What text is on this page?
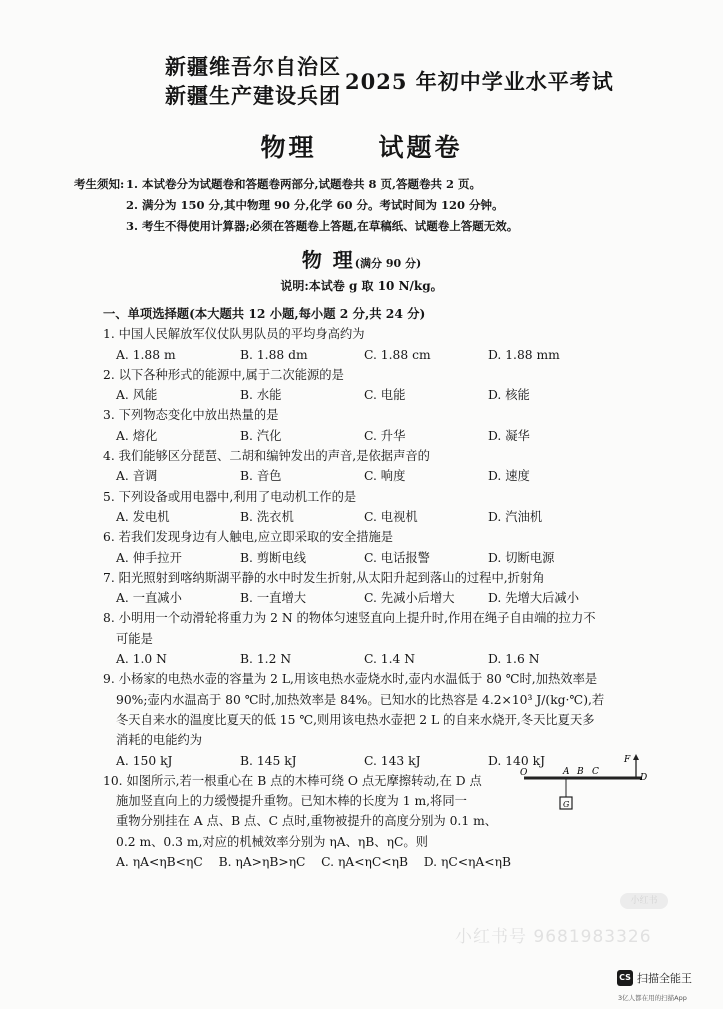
新疆维吾尔自治区
新疆生产建设兵团
2025 年初中学业水平考试
物理 试题卷
考生须知: 1. 本试卷分为试题卷和答题卷两部分,试题卷共 8 页,答题卷共 2 页。
2. 满分为 150 分,其中物理 90 分,化学 60 分。考试时间为 120 分钟。
3. 考生不得使用计算器;必须在答题卷上答题,在草稿纸、试题卷上答题无效。
物 理(满分 90 分)
说明:本试卷 g 取 10 N/kg。
一、单项选择题(本大题共 12 小题,每小题 2 分,共 24 分)
1. 中国人民解放军仪仗队男队员的平均身高约为
A. 1.88 m	B. 1.88 dm	C. 1.88 cm	D. 1.88 mm
2. 以下各种形式的能源中,属于二次能源的是
A. 风能	B. 水能	C. 电能	D. 核能
3. 下列物态变化中放出热量的是
A. 熔化	B. 汽化	C. 升华	D. 凝华
4. 我们能够区分琵琶、二胡和编钟发出的声音,是依据声音的
A. 音调	B. 音色	C. 响度	D. 速度
5. 下列设备或用电器中,利用了电动机工作的是
A. 发电机	B. 洗衣机	C. 电视机	D. 汽油机
6. 若我们发现身边有人触电,应立即采取的安全措施是
A. 伸手拉开	B. 剪断电线	C. 电话报警	D. 切断电源
7. 阳光照射到喀纳斯湖平静的水中时发生折射,从太阳升起到落山的过程中,折射角
A. 一直减小	B. 一直增大	C. 先减小后增大	D. 先增大后减小
8. 小明用一个动滑轮将重力为 2 N 的物体匀速竖直向上提升时,作用在绳子自由端的拉力不
可能是
A. 1.0 N	B. 1.2 N	C. 1.4 N	D. 1.6 N
9. 小杨家的电热水壶的容量为 2 L,用该电热水壶烧水时,壶内水温低于 80 ℃时,加热效率是
90%;壶内水温高于 80 ℃时,加热效率是 84%。已知水的比热容是 4.2×10³ J/(kg·℃),若
冬天自来水的温度比夏天的低 15 ℃,则用该电热水壶把 2 L 的自来水烧开,冬天比夏天多
消耗的电能约为
A. 150 kJ	B. 145 kJ	C. 143 kJ	D. 140 kJ
10. 如图所示,若一根重心在 B 点的木棒可绕 O 点无摩擦转动,在 D 点
施加竖直向上的力缓慢提升重物。已知木棒的长度为 1 m,将同一
重物分别挂在 A 点、B 点、C 点时,重物被提升的高度分别为 0.1 m、
0.2 m、0.3 m,对应的机械效率分别为 ηA、ηB、ηC。则
A. ηA<ηB<ηC	B. ηA>ηB>ηC	C. ηA<ηC<ηB	D. ηC<ηA<ηB
O	A B C
D
F
G
小红书
小红书号 9681983326
CS 扫描全能王
3亿人都在用的扫描App
